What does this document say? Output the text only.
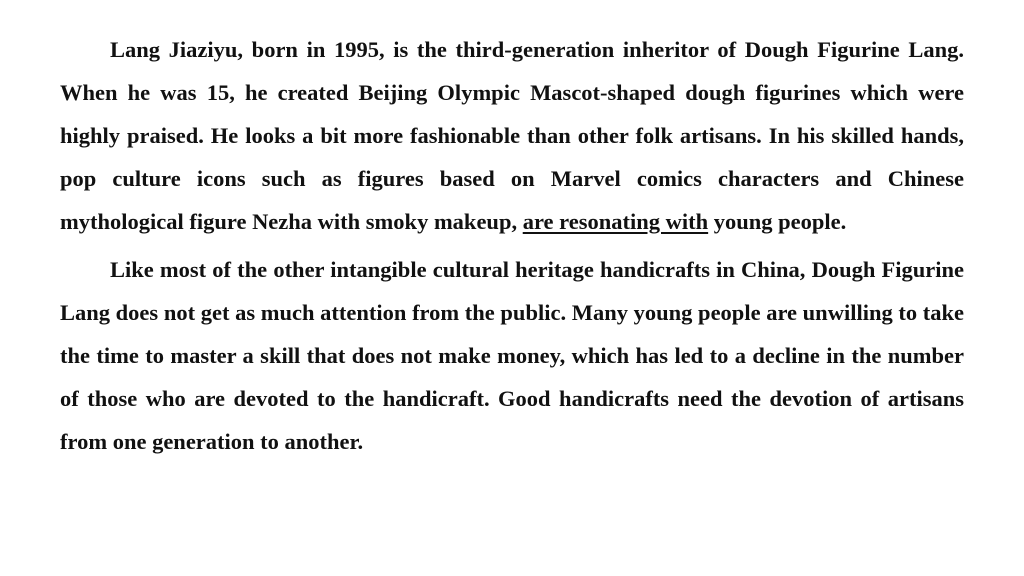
Lang Jiaziyu, born in 1995, is the third-generation inheritor of Dough Figurine Lang. When he was 15, he created Beijing Olympic Mascot-shaped dough figurines which were highly praised. He looks a bit more fashionable than other folk artisans. In his skilled hands, pop culture icons such as figures based on Marvel comics characters and Chinese mythological figure Nezha with smoky makeup, are resonating with young people.

Like most of the other intangible cultural heritage handicrafts in China, Dough Figurine Lang does not get as much attention from the public. Many young people are unwilling to take the time to master a skill that does not make money, which has led to a decline in the number of those who are devoted to the handicraft. Good handicrafts need the devotion of artisans from one generation to another.
